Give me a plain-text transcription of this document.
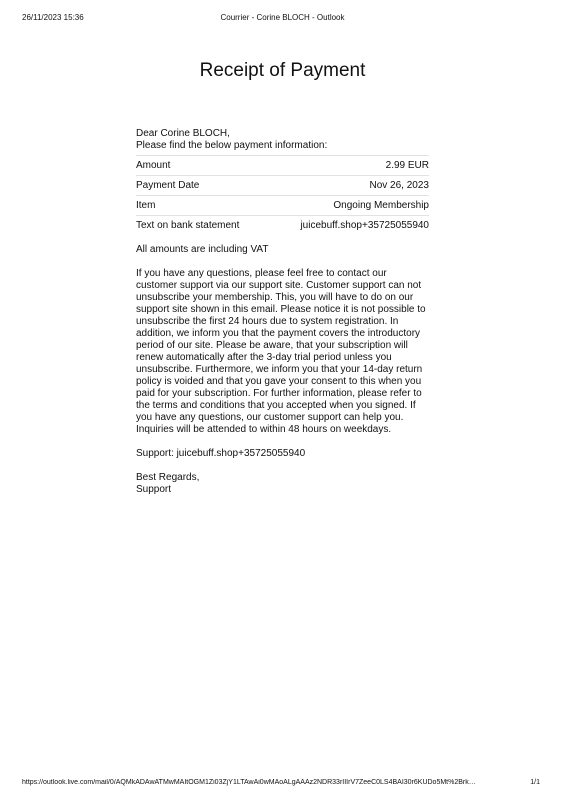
26/11/2023 15:36	Courrier - Corine BLOCH - Outlook
Receipt of Payment

Dear Corine BLOCH,

Please find the below payment information:

Amount	2.99 EUR
Payment Date	Nov 26, 2023
Item	Ongoing Membership
Text on bank statement	juicebuff.shop+35725055940

All amounts are including VAT

If you have any questions, please feel free to contact our customer support via our support site. Customer support can not unsubscribe your membership. This, you will have to do on our support site shown in this email. Please notice it is not possible to unsubscribe the first 24 hours due to system registration. In addition, we inform you that the payment covers the introductory period of our site. Please be aware, that your subscription will renew automatically after the 3-day trial period unless you unsubscribe. Furthermore, we inform you that your 14-day return policy is voided and that you gave your consent to this when you paid for your subscription. For further information, please refer to the terms and conditions that you accepted when you signed. If you have any questions, our customer support can help you. Inquiries will be attended to within 48 hours on weekdays.

Support: juicebuff.shop+35725055940

Best Regards,
Support

https://outlook.live.com/mail/0/AQMkADAwATMwMAItOGM1Zi03ZjY1LTAwAi0wMAoALgAAAz2NDR33rIIIrV7ZeeC0LS4BAI30r6KUDo5Mt%2Brk…	1/1
